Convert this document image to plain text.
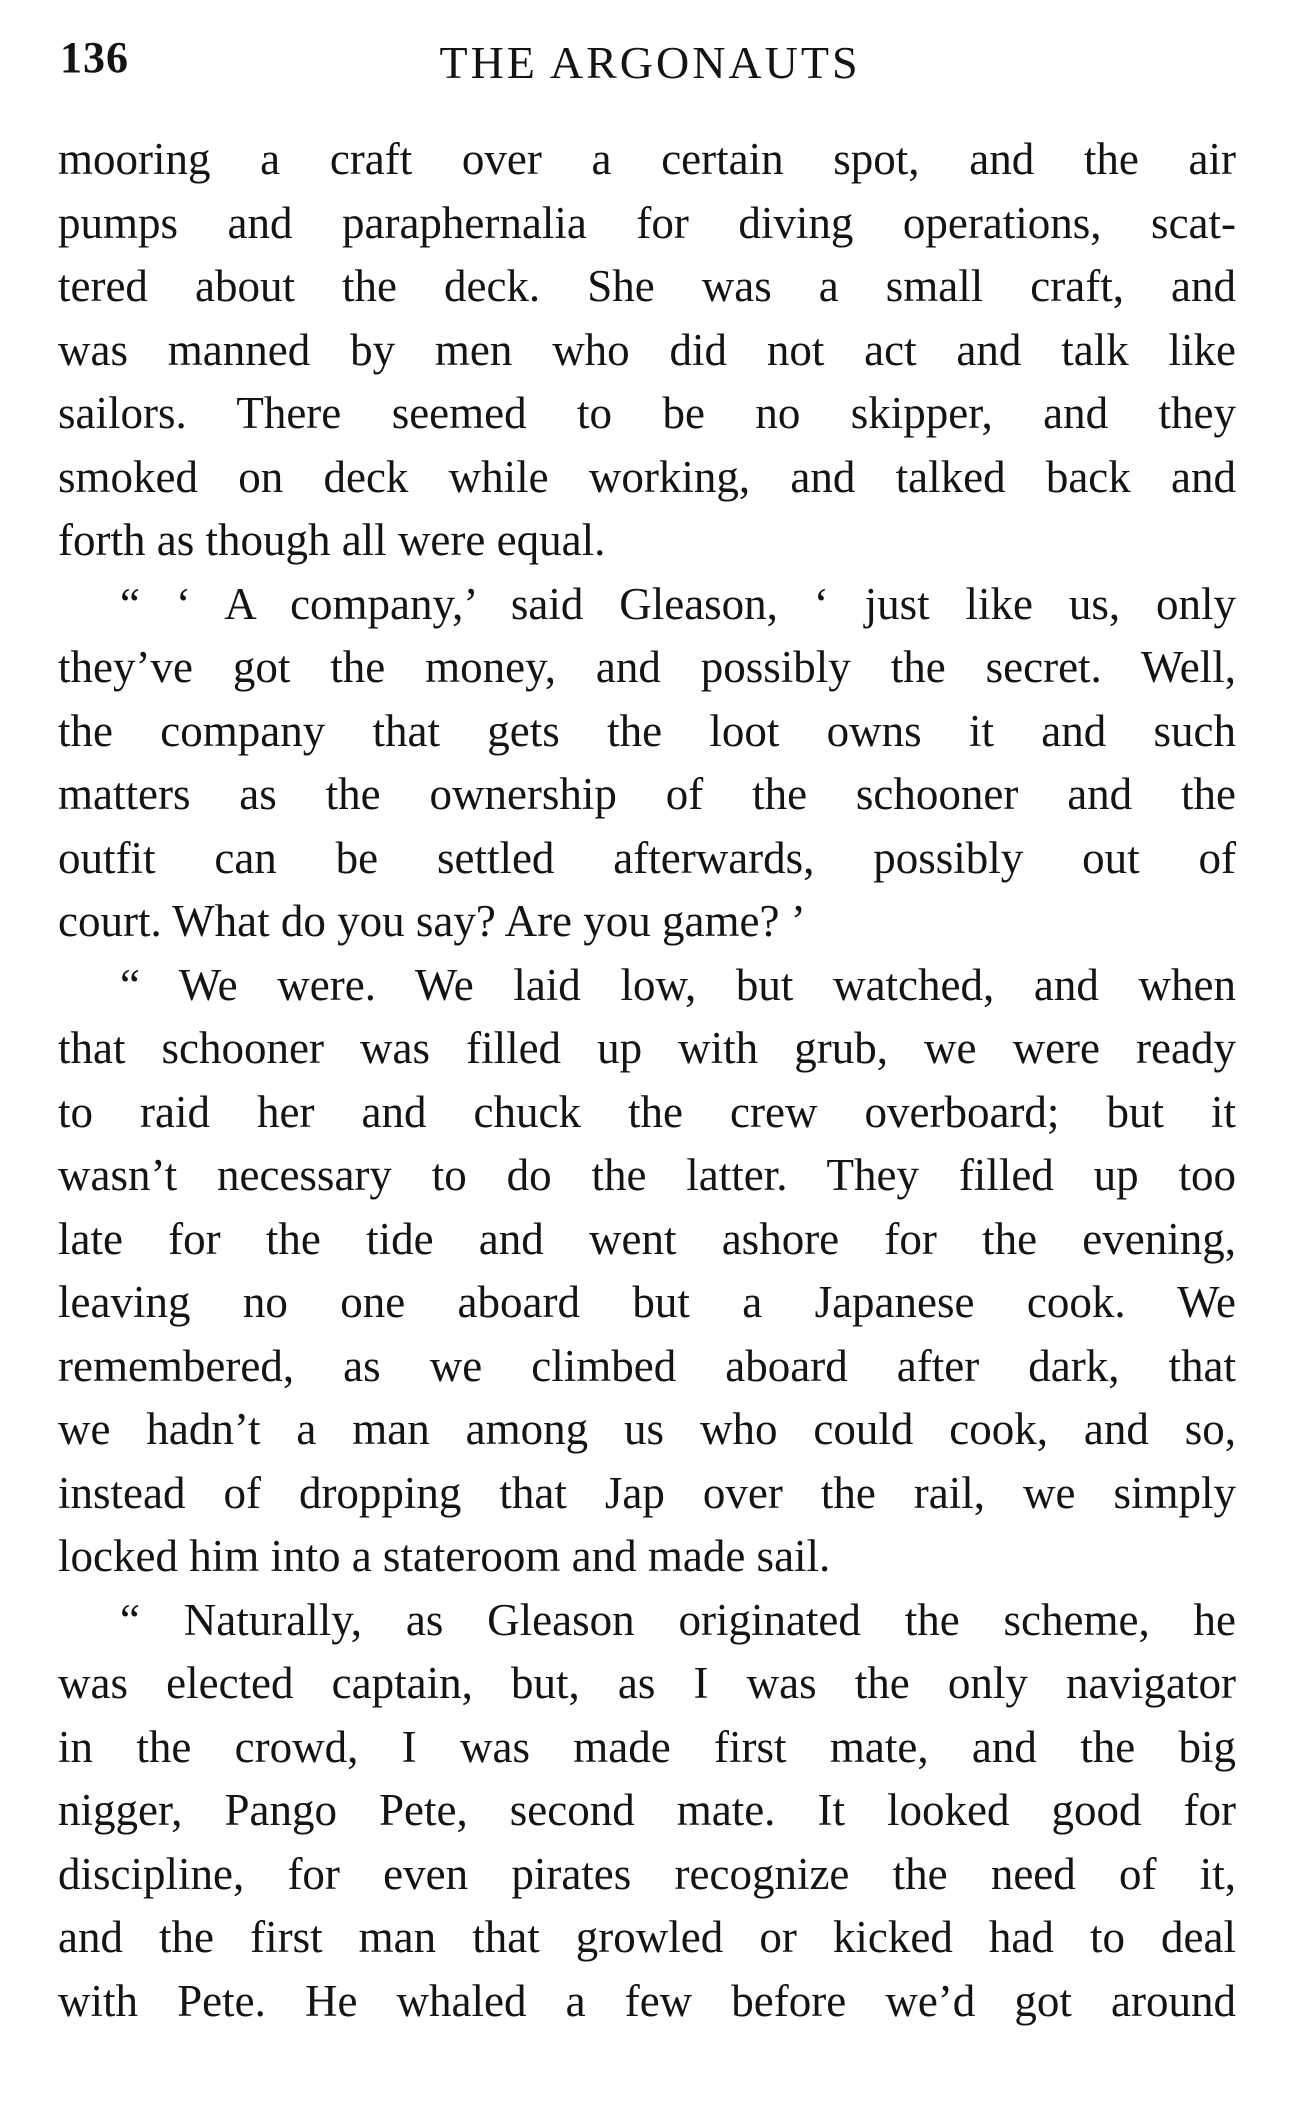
136	THE ARGONAUTS
mooring a craft over a certain spot, and the air
pumps and paraphernalia for diving operations, scat-
tered about the deck. She was a small craft, and
was manned by men who did not act and talk like
sailors. There seemed to be no skipper, and they
smoked on deck while working, and talked back and
forth as though all were equal.
“ ‘ A company,’ said Gleason, ‘ just like us, only
they’ve got the money, and possibly the secret. Well,
the company that gets the loot owns it and such
matters as the ownership of the schooner and the
outfit can be settled afterwards, possibly out of
court. What do you say? Are you game? ’
“ We were. We laid low, but watched, and when
that schooner was filled up with grub, we were ready
to raid her and chuck the crew overboard; but it
wasn’t necessary to do the latter. They filled up too
late for the tide and went ashore for the evening,
leaving no one aboard but a Japanese cook. We
remembered, as we climbed aboard after dark, that
we hadn’t a man among us who could cook, and so,
instead of dropping that Jap over the rail, we simply
locked him into a stateroom and made sail.
“ Naturally, as Gleason originated the scheme, he
was elected captain, but, as I was the only navigator
in the crowd, I was made first mate, and the big
nigger, Pango Pete, second mate. It looked good for
discipline, for even pirates recognize the need of it,
and the first man that growled or kicked had to deal
with Pete. He whaled a few before we’d got around
